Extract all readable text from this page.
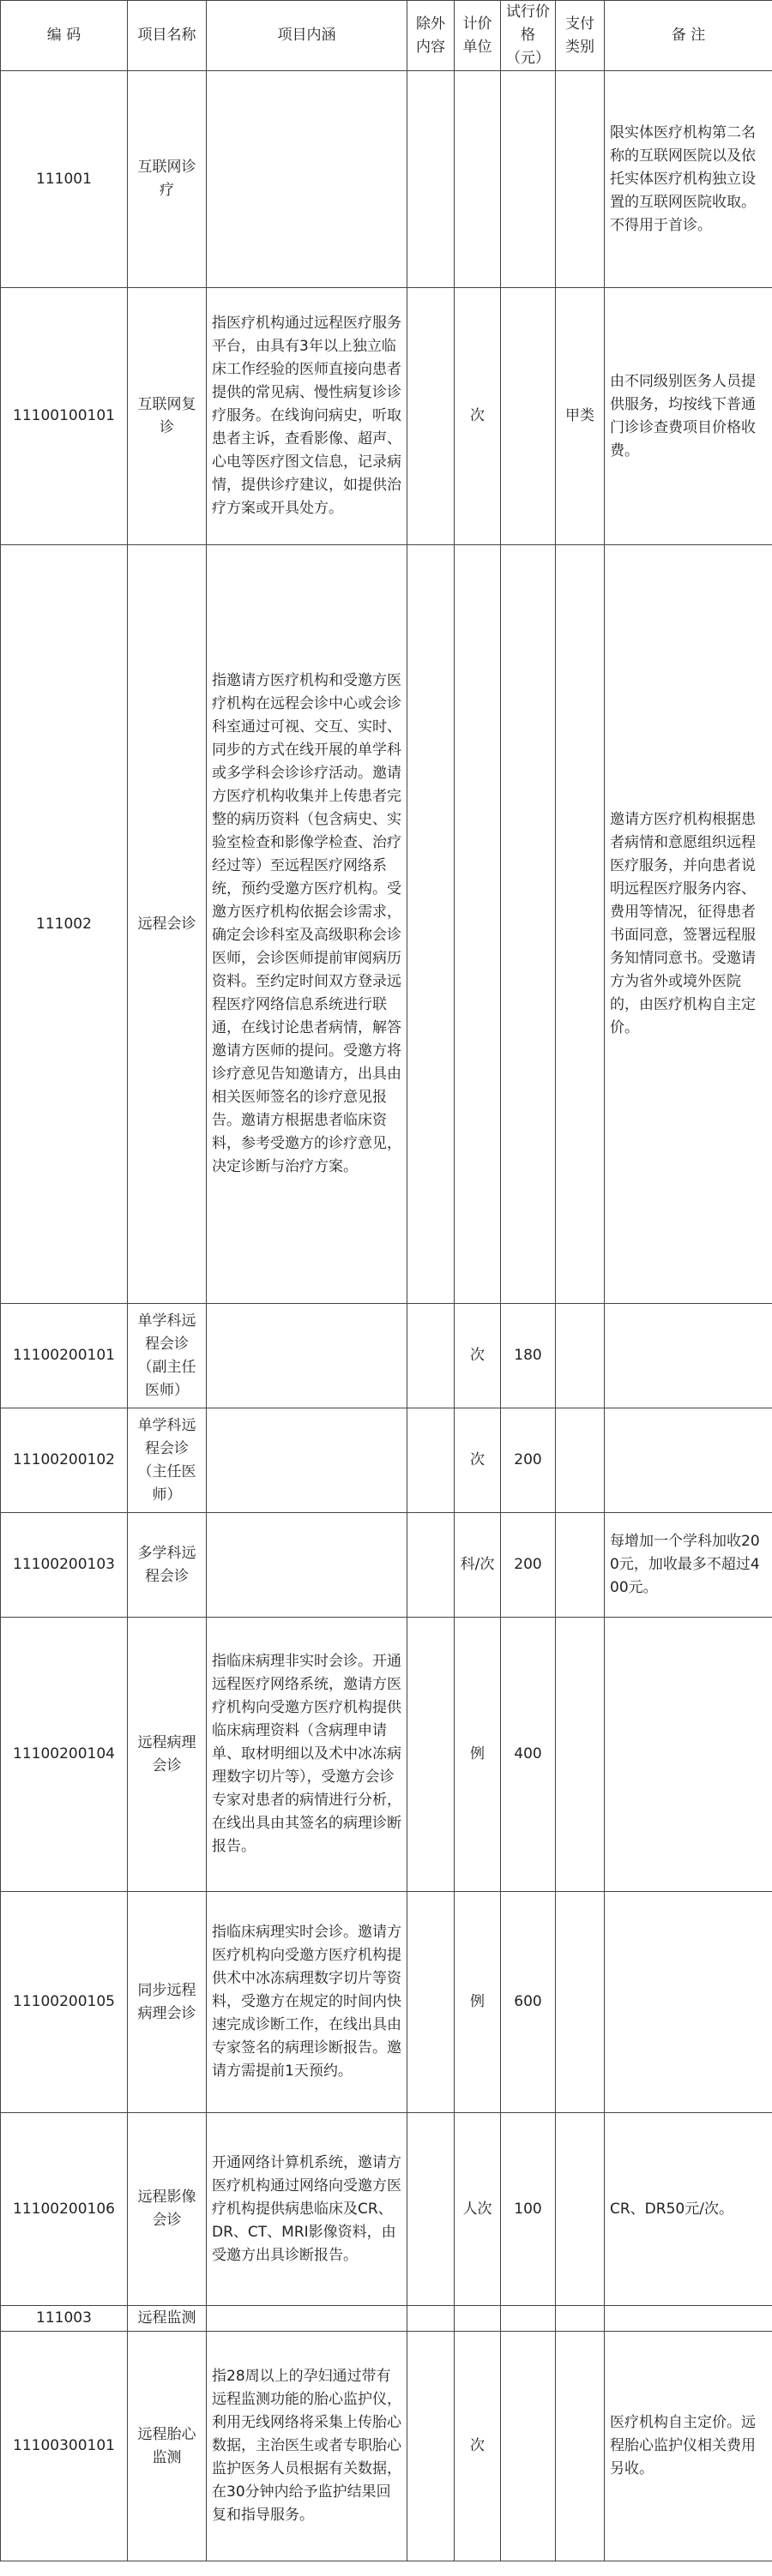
编 码	项目名称	项目内涵	除外内容	计价单位	试行价格（元）	支付类别	备 注
111001	互联网诊疗						限实体医疗机构第二名称的互联网医院以及依托实体医疗机构独立设置的互联网医院收取。不得用于首诊。
11100100101	互联网复诊	指医疗机构通过远程医疗服务平台，由具有3年以上独立临床工作经验的医师直接向患者提供的常见病、慢性病复诊诊疗服务。在线询问病史，听取患者主诉，查看影像、超声、心电等医疗图文信息，记录病情，提供诊疗建议，如提供治疗方案或开具处方。		次		甲类	由不同级别医务人员提供服务，均按线下普通门诊诊查费项目价格收费。
111002	远程会诊	指邀请方医疗机构和受邀方医疗机构在远程会诊中心或会诊科室通过可视、交互、实时、同步的方式在线开展的单学科或多学科会诊诊疗活动。邀请方医疗机构收集并上传患者完整的病历资料（包含病史、实验室检查和影像学检查、治疗经过等）至远程医疗网络系统，预约受邀方医疗机构。受邀方医疗机构依据会诊需求，确定会诊科室及高级职称会诊医师，会诊医师提前审阅病历资料。至约定时间双方登录远程医疗网络信息系统进行联通，在线讨论患者病情，解答邀请方医师的提问。受邀方将诊疗意见告知邀请方，出具由相关医师签名的诊疗意见报告。邀请方根据患者临床资料，参考受邀方的诊疗意见，决定诊断与治疗方案。					邀请方医疗机构根据患者病情和意愿组织远程医疗服务，并向患者说明远程医疗服务内容、费用等情况，征得患者书面同意，签署远程服务知情同意书。受邀请方为省外或境外医院的，由医疗机构自主定价。
11100200101	单学科远程会诊（副主任医师）			次	180		
11100200102	单学科远程会诊（主任医师）			次	200		
11100200103	多学科远程会诊			科/次	200		每增加一个学科加收200元，加收最多不超过400元。
11100200104	远程病理会诊	指临床病理非实时会诊。开通远程医疗网络系统，邀请方医疗机构向受邀方医疗机构提供临床病理资料（含病理申请单、取材明细以及术中冰冻病理数字切片等），受邀方会诊专家对患者的病情进行分析，在线出具由其签名的病理诊断报告。		例	400		
11100200105	同步远程病理会诊	指临床病理实时会诊。邀请方医疗机构向受邀方医疗机构提供术中冰冻病理数字切片等资料，受邀方在规定的时间内快速完成诊断工作，在线出具由专家签名的病理诊断报告。邀请方需提前1天预约。		例	600		
11100200106	远程影像会诊	开通网络计算机系统，邀请方医疗机构通过网络向受邀方医疗机构提供病患临床及CR、DR、CT、MRI影像资料，由受邀方出具诊断报告。		人次	100		CR、DR50元/次。
111003	远程监测						
11100300101	远程胎心监测	指28周以上的孕妇通过带有远程监测功能的胎心监护仪，利用无线网络将采集上传胎心数据，主治医生或者专职胎心监护医务人员根据有关数据，在30分钟内给予监护结果回复和指导服务。		次			医疗机构自主定价。远程胎心监护仪相关费用另收。
